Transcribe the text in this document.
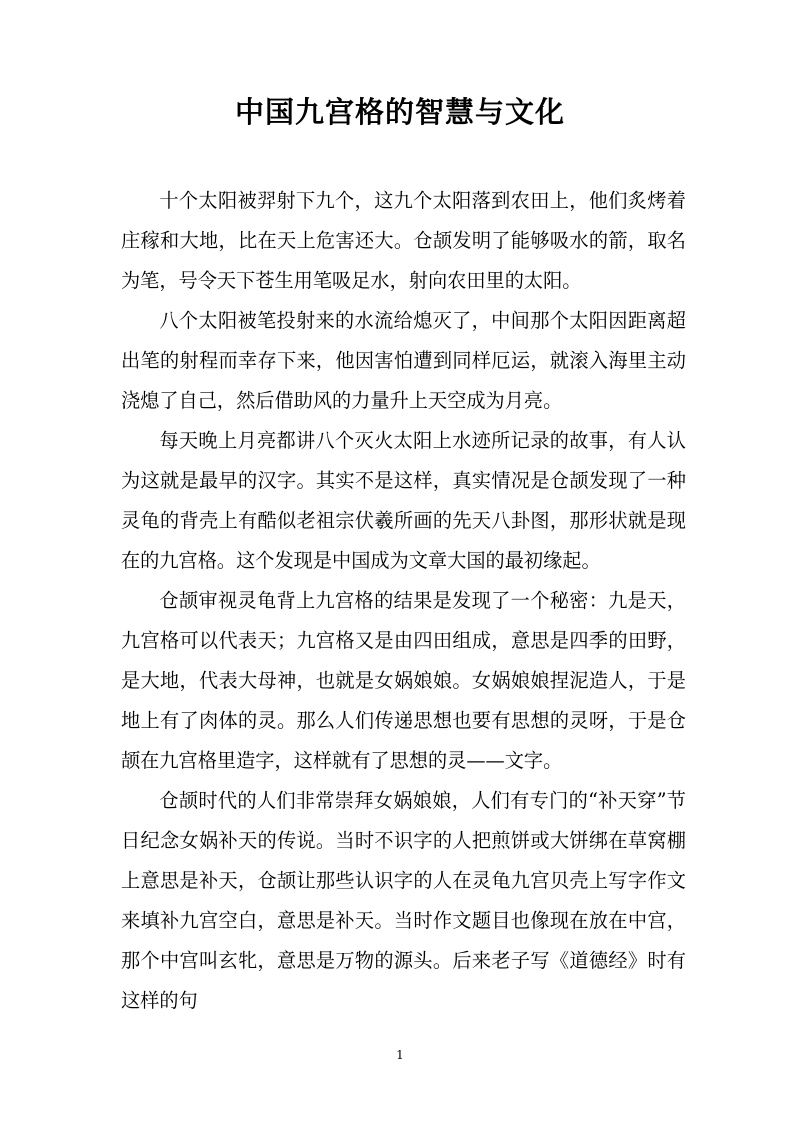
中国九宫格的智慧与文化

十个太阳被羿射下九个，这九个太阳落到农田上，他们炙烤着庄稼和大地，比在天上危害还大。仓颉发明了能够吸水的箭，取名为笔，号令天下苍生用笔吸足水，射向农田里的太阳。

八个太阳被笔投射来的水流给熄灭了，中间那个太阳因距离超出笔的射程而幸存下来，他因害怕遭到同样厄运，就滚入海里主动浇熄了自己，然后借助风的力量升上天空成为月亮。

每天晚上月亮都讲八个灭火太阳上水迹所记录的故事，有人认为这就是最早的汉字。其实不是这样，真实情况是仓颉发现了一种灵龟的背壳上有酷似老祖宗伏羲所画的先天八卦图，那形状就是现在的九宫格。这个发现是中国成为文章大国的最初缘起。

仓颉审视灵龟背上九宫格的结果是发现了一个秘密：九是天，九宫格可以代表天；九宫格又是由四田组成，意思是四季的田野，是大地，代表大母神，也就是女娲娘娘。女娲娘娘捏泥造人，于是地上有了肉体的灵。那么人们传递思想也要有思想的灵呀，于是仓颉在九宫格里造字，这样就有了思想的灵——文字。

仓颉时代的人们非常崇拜女娲娘娘，人们有专门的“补天穿”节日纪念女娲补天的传说。当时不识字的人把煎饼或大饼绑在草窝棚上意思是补天，仓颉让那些认识字的人在灵龟九宫贝壳上写字作文来填补九宫空白，意思是补天。当时作文题目也像现在放在中宫，那个中宫叫玄牝，意思是万物的源头。后来老子写《道德经》时有这样的句

1
